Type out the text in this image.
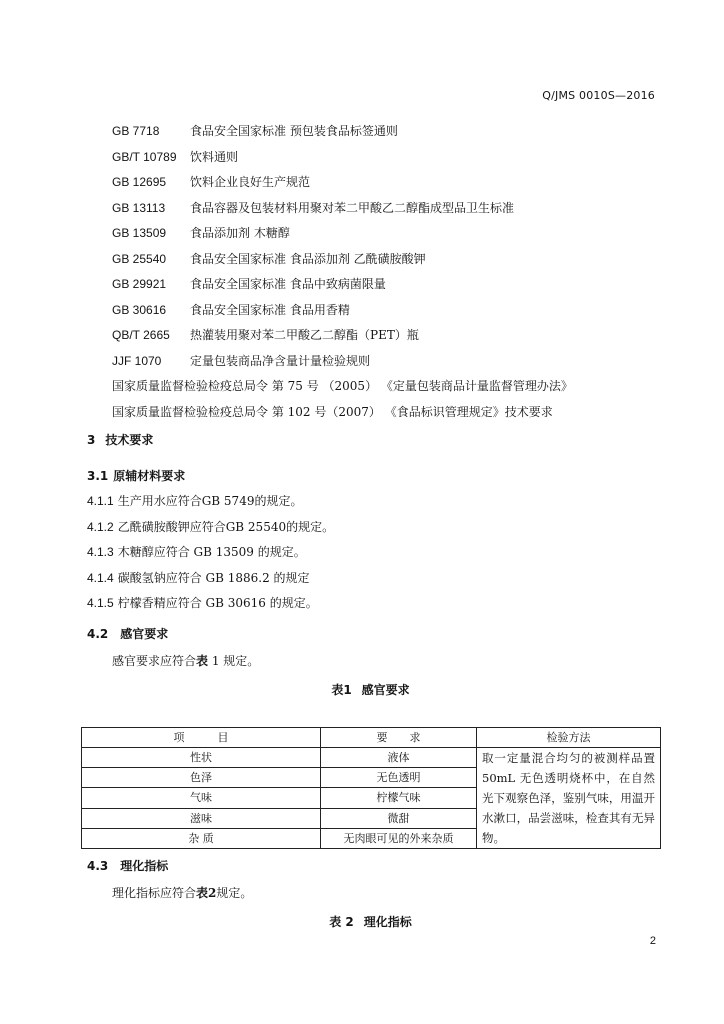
Q/JMS 0010S—2016
GB 7718	食品安全国家标准 预包装食品标签通则
GB/T 10789 饮料通则
GB 12695 饮料企业良好生产规范
GB 13113 食品容器及包装材料用聚对苯二甲酸乙二醇酯成型品卫生标准
GB 13509 食品添加剂 木糖醇
GB 25540 食品安全国家标准 食品添加剂 乙酰磺胺酸钾
GB 29921 食品安全国家标准 食品中致病菌限量
GB 30616 食品安全国家标准 食品用香精
QB/T 2665 热灌装用聚对苯二甲酸乙二醇酯（PET）瓶
JJF 1070 定量包装商品净含量计量检验规则
国家质量监督检验检疫总局令 第 75 号 （2005） 《定量包装商品计量监督管理办法》
国家质量监督检验检疫总局令 第 102 号（2007） 《食品标识管理规定》技术要求
3 技术要求
3.1 原辅材料要求
4.1.1 生产用水应符合GB 5749的规定。
4.1.2 乙酰磺胺酸钾应符合GB 25540的规定。
4.1.3 木糖醇应符合 GB 13509 的规定。
4.1.4 碳酸氢钠应符合 GB 1886.2 的规定
4.1.5 柠檬香精应符合 GB 30616 的规定。
4.2 感官要求
感官要求应符合表 1 规定。
表1 感官要求
项　　　目	要　　求	检验方法
性状	液体	取一定量混合均匀的被测样品置50mL 无色透明烧杯中，在自然光下观察色泽，鉴别气味，用温开水漱口，品尝滋味，检查其有无异物。
色泽	无色透明	
气味	柠檬气味	
滋味	微甜	
杂 质	无肉眼可见的外来杂质	
4.3 理化指标
理化指标应符合表2规定。
表 2 理化指标
2
